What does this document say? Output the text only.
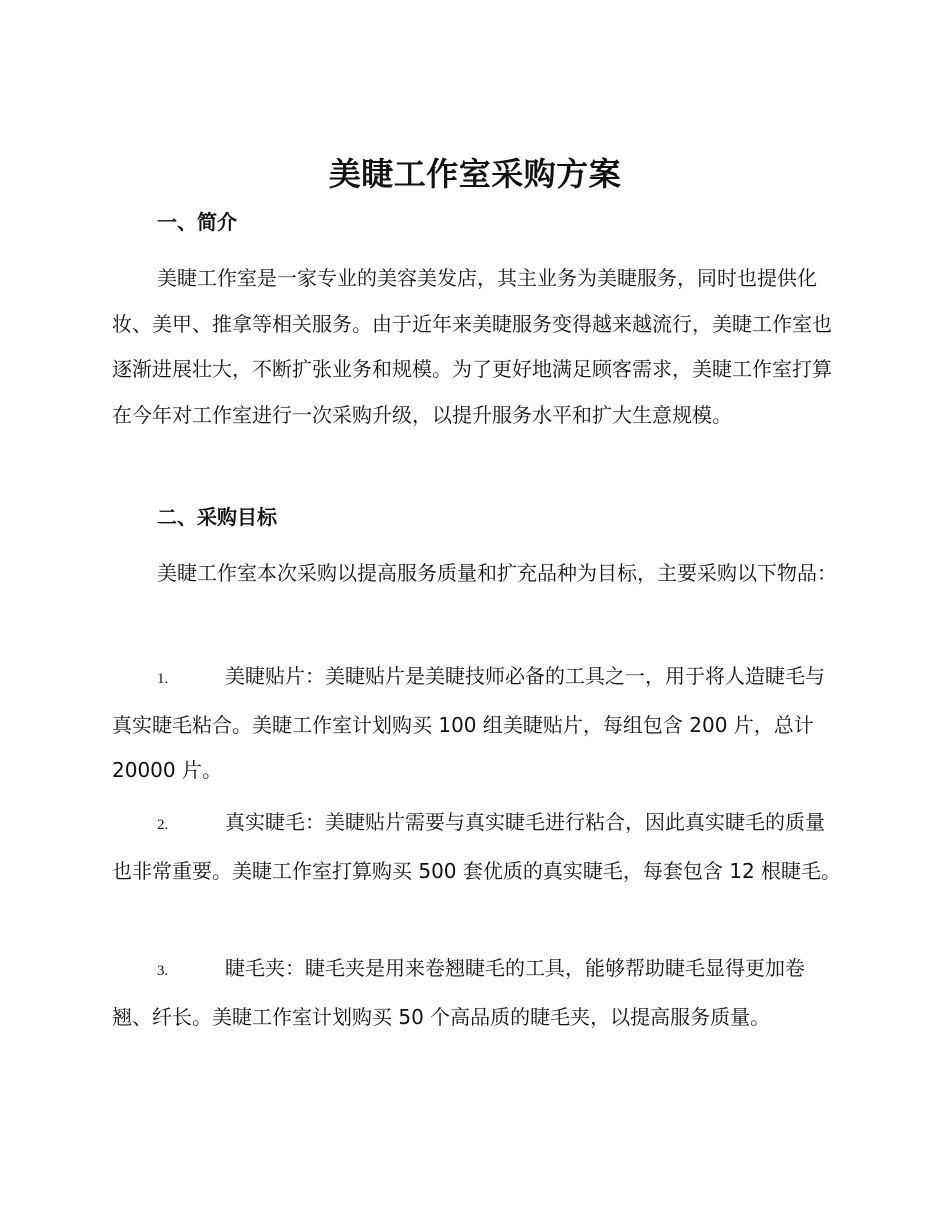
美睫工作室采购方案
一、简介
美睫工作室是一家专业的美容美发店，其主业务为美睫服务，同时也提供化妆、美甲、推拿等相关服务。由于近年来美睫服务变得越来越流行，美睫工作室也逐渐进展壮大，不断扩张业务和规模。为了更好地满足顾客需求，美睫工作室打算在今年对工作室进行一次采购升级，以提升服务水平和扩大生意规模。
二、采购目标
美睫工作室本次采购以提高服务质量和扩充品种为目标，主要采购以下物品：
1.	美睫贴片：美睫贴片是美睫技师必备的工具之一，用于将人造睫毛与真实睫毛粘合。美睫工作室计划购买 100 组美睫贴片，每组包含 200 片，总计 20000 片。
2.	真实睫毛：美睫贴片需要与真实睫毛进行粘合，因此真实睫毛的质量也非常重要。美睫工作室打算购买 500 套优质的真实睫毛，每套包含 12 根睫毛。
3.	睫毛夹：睫毛夹是用来卷翘睫毛的工具，能够帮助睫毛显得更加卷翘、纤长。美睫工作室计划购买 50 个高品质的睫毛夹，以提高服务质量。
